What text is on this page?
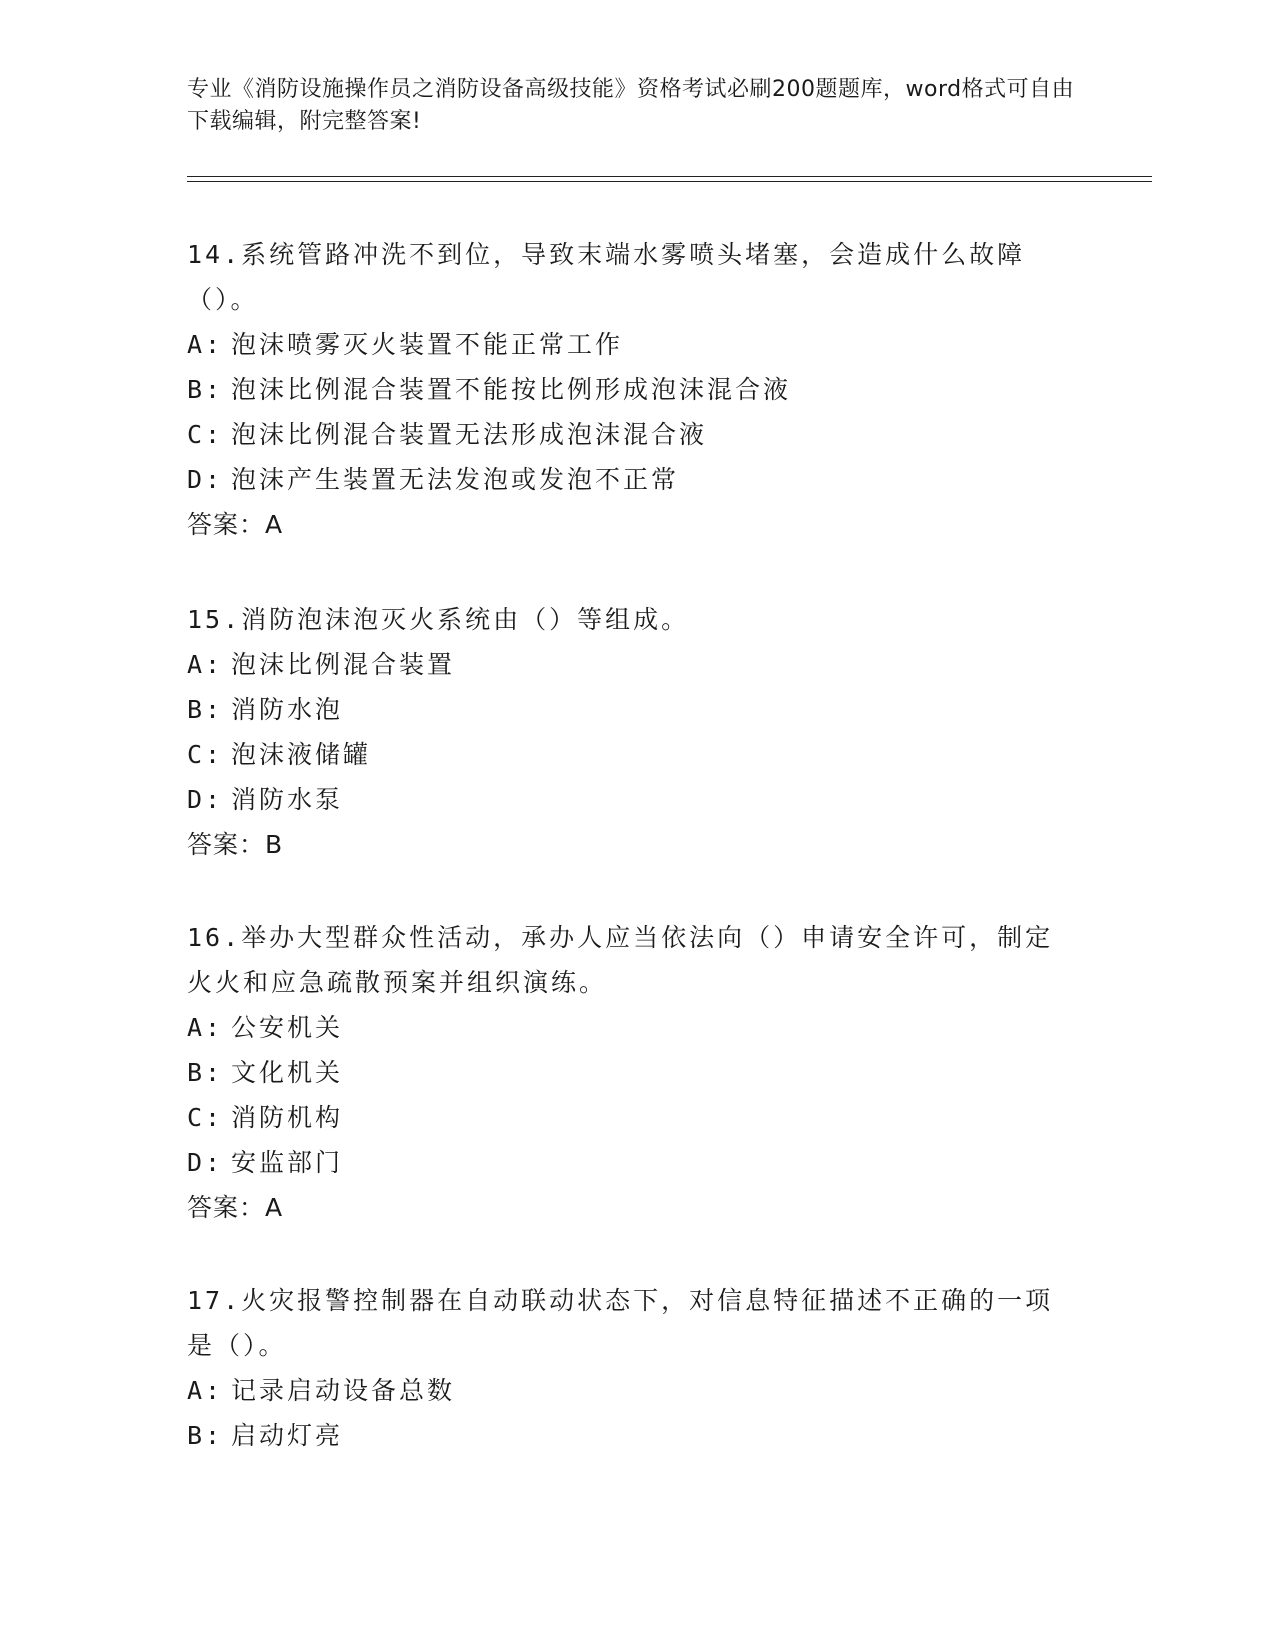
专业《消防设施操作员之消防设备高级技能》资格考试必刷200题题库，word格式可自由下载编辑，附完整答案!

14.系统管路冲洗不到位，导致末端水雾喷头堵塞，会造成什么故障（）。

A: 泡沫喷雾灭火装置不能正常工作

B: 泡沫比例混合装置不能按比例形成泡沫混合液

C: 泡沫比例混合装置无法形成泡沫混合液

D: 泡沫产生装置无法发泡或发泡不正常

答案：A

15.消防泡沫泡灭火系统由（）等组成。

A: 泡沫比例混合装置

B: 消防水泡

C: 泡沫液储罐

D: 消防水泵

答案：B

16.举办大型群众性活动，承办人应当依法向（）申请安全许可，制定火火和应急疏散预案并组织演练。

A: 公安机关

B: 文化机关

C: 消防机构

D: 安监部门

答案：A

17.火灾报警控制器在自动联动状态下，对信息特征描述不正确的一项是（）。

A: 记录启动设备总数

B: 启动灯亮
